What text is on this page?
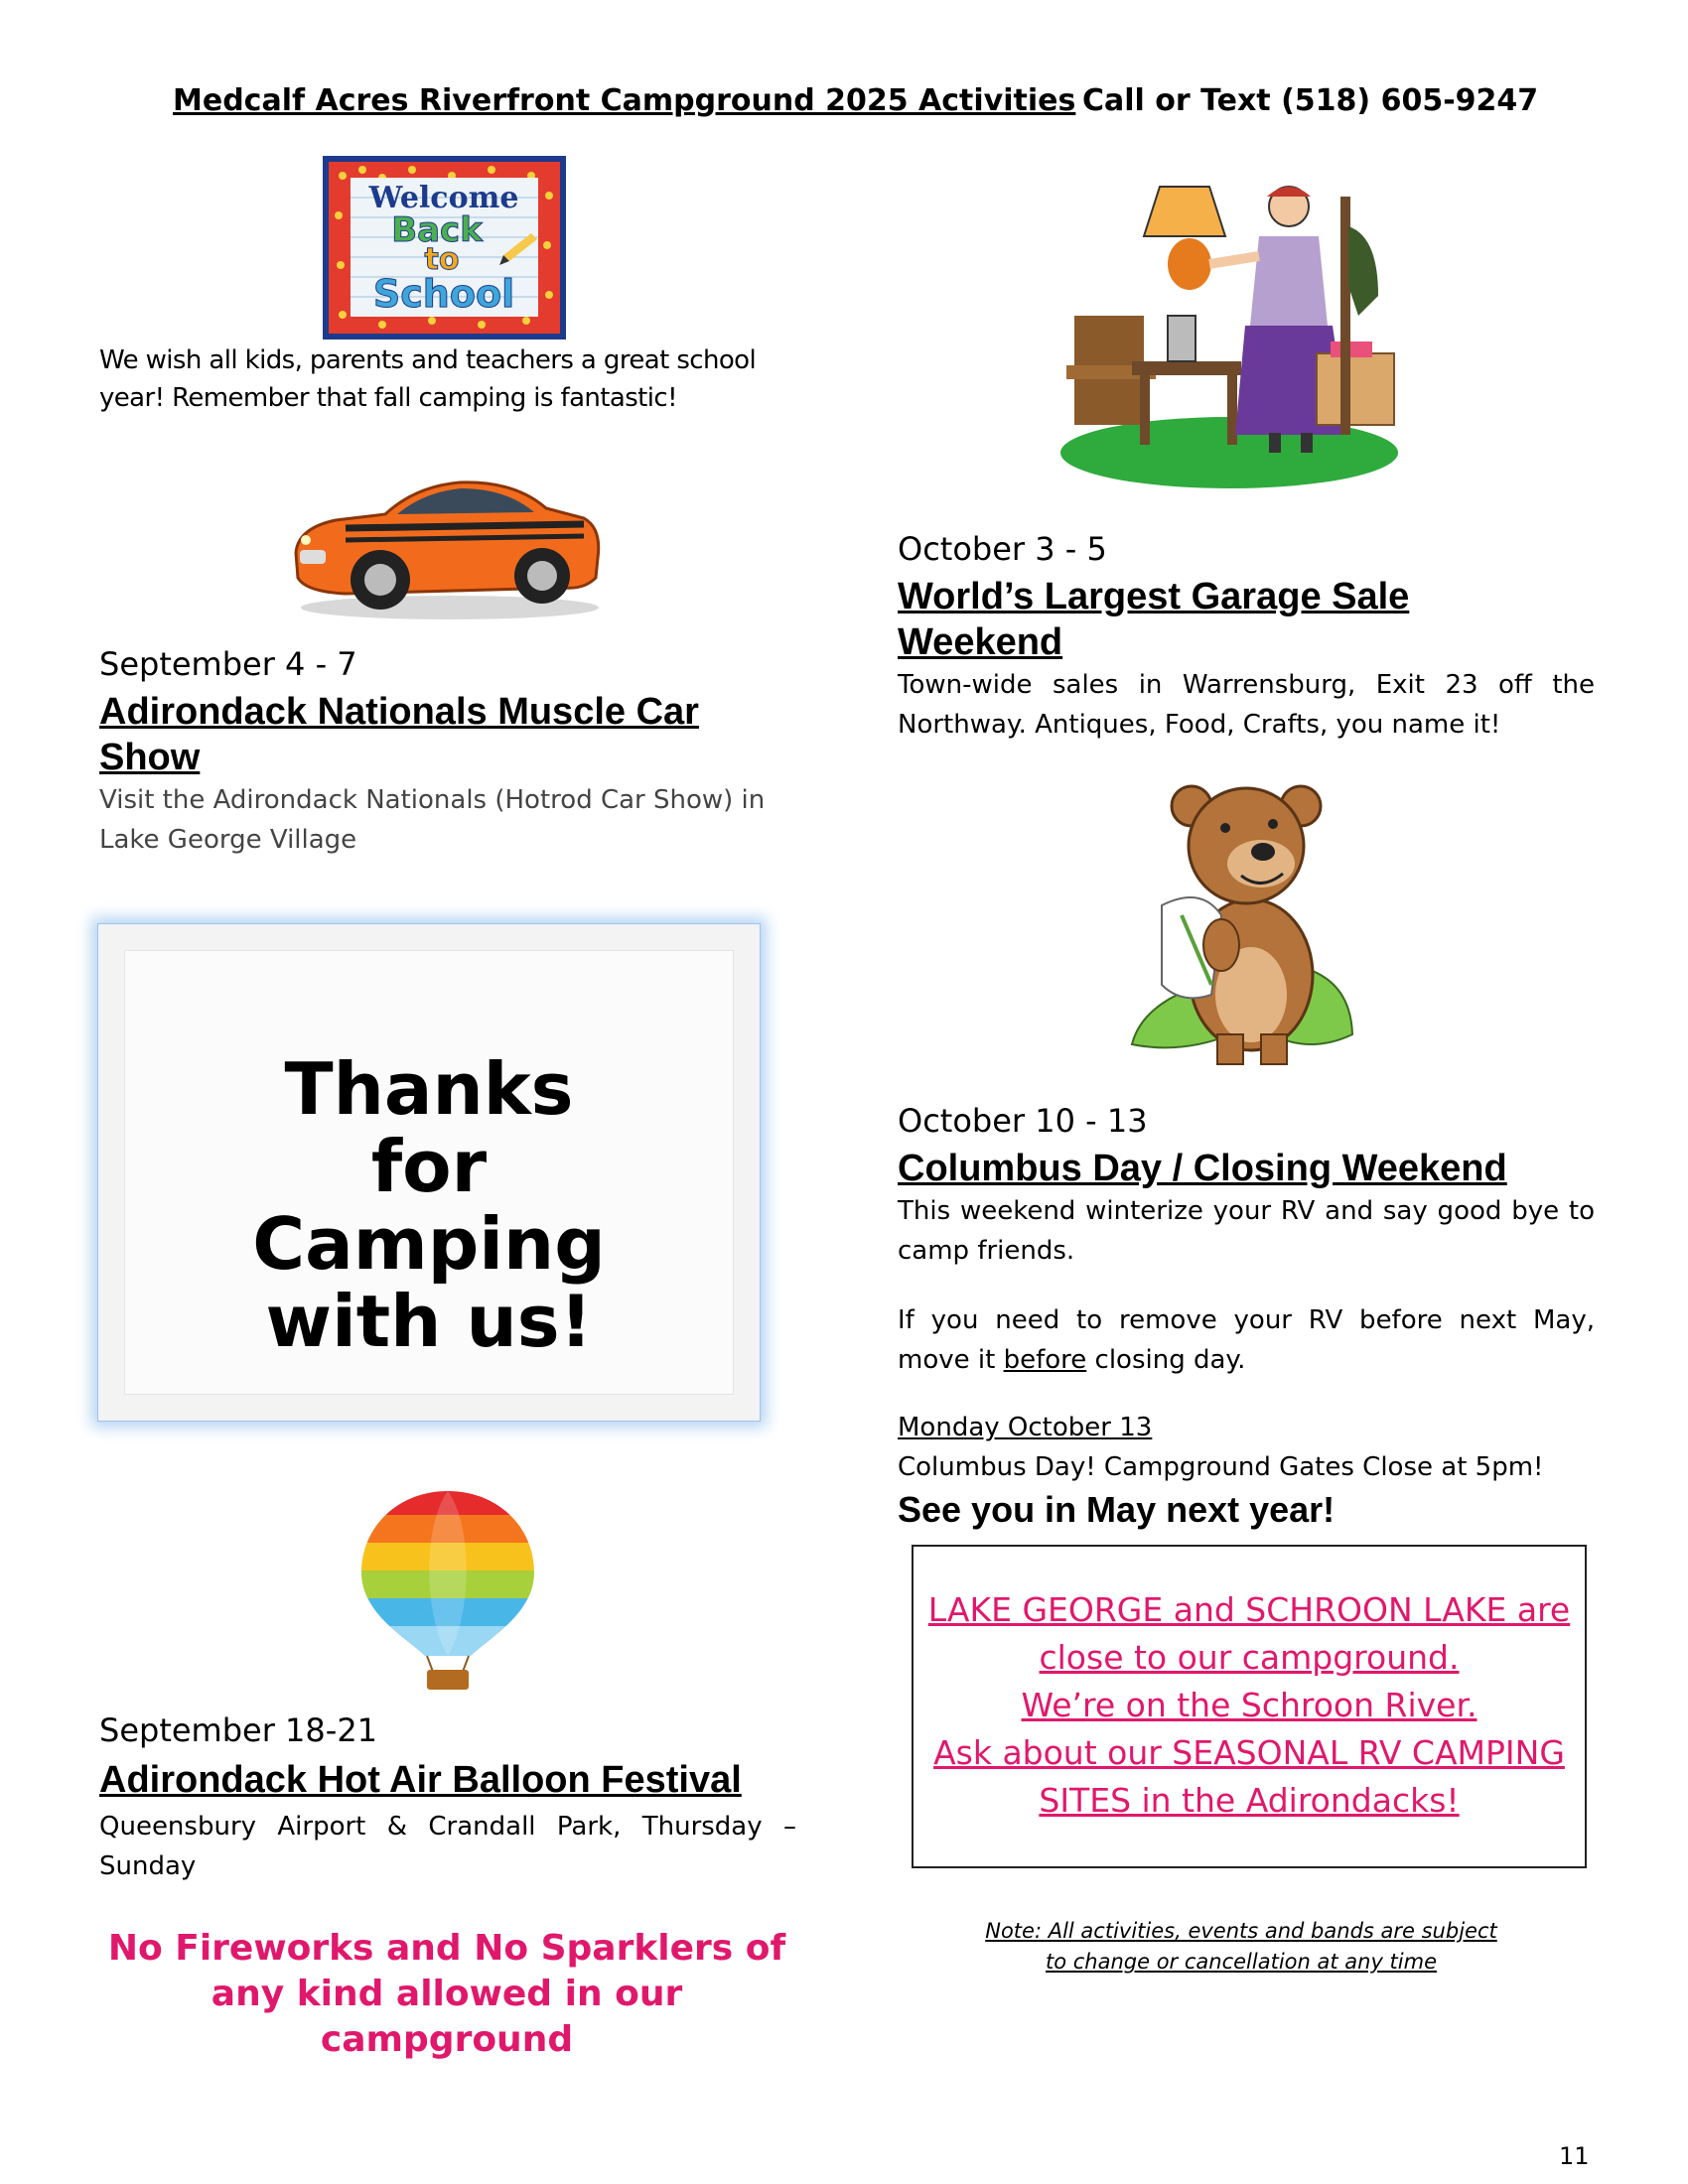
Medcalf Acres Riverfront Campground 2025 Activities Call or Text (518) 605-9247
Welcome
Back
to
School
We wish all kids, parents and teachers a great school year! Remember that fall camping is fantastic!
September 4 - 7
Adirondack Nationals Muscle Car Show
Visit the Adirondack Nationals (Hotrod Car Show) in Lake George Village
Thanks
for
Camping
with us!
September 18-21
Adirondack Hot Air Balloon Festival
Queensbury Airport & Crandall Park, Thursday – Sunday
No Fireworks and No Sparklers of
any kind allowed in our campground
October 3 - 5
World’s Largest Garage Sale Weekend
Town-wide sales in Warrensburg, Exit 23 off the Northway. Antiques, Food, Crafts, you name it!
October 10 - 13
Columbus Day / Closing Weekend
This weekend winterize your RV and say good bye to camp friends.
If you need to remove your RV before next May, move it before closing day.
Monday October 13
Columbus Day! Campground Gates Close at 5pm!
See you in May next year!
LAKE GEORGE and SCHROON LAKE are
close to our campground.
We’re on the Schroon River.
Ask about our SEASONAL RV CAMPING
SITES in the Adirondacks!
Note: All activities, events and bands are subject
to change or cancellation at any time
11
